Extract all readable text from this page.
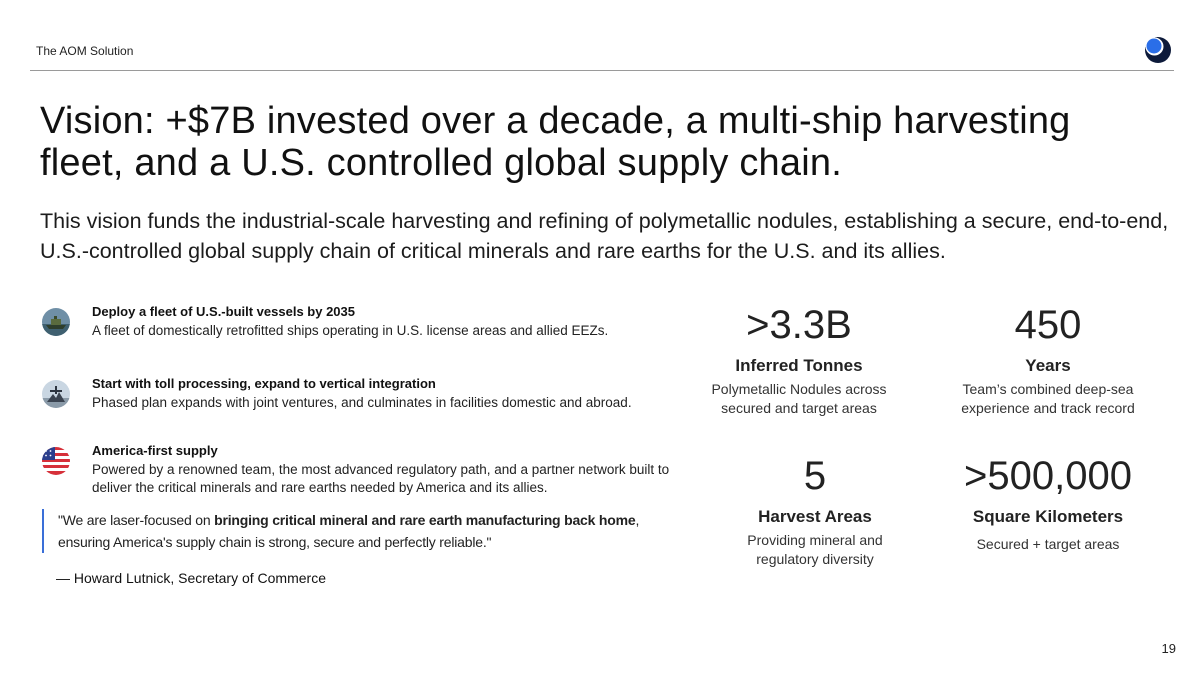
The AOM Solution
Vision: +$7B invested over a decade, a multi-ship harvesting fleet, and a U.S. controlled global supply chain.

This vision funds the industrial-scale harvesting and refining of polymetallic nodules, establishing a secure, end-to-end, U.S.-controlled global supply chain of critical minerals and rare earths for the U.S. and its allies.

Deploy a fleet of U.S.-built vessels by 2035
A fleet of domestically retrofitted ships operating in U.S. license areas and allied EEZs.
Start with toll processing, expand to vertical integration
Phased plan expands with joint ventures, and culminates in facilities domestic and abroad.
America-first supply
Powered by a renowned team, the most advanced regulatory path, and a partner network built to deliver the critical minerals and rare earths needed by America and its allies.
"We are laser-focused on bringing critical mineral and rare earth manufacturing back home, ensuring America's supply chain is strong, secure and perfectly reliable."
— Howard Lutnick, Secretary of Commerce
>3.3B
Inferred Tonnes
Polymetallic Nodules across secured and target areas
450
Years
Team’s combined deep-sea experience and track record
5
Harvest Areas
Providing mineral and regulatory diversity
>500,000
Square Kilometers
Secured + target areas
19
